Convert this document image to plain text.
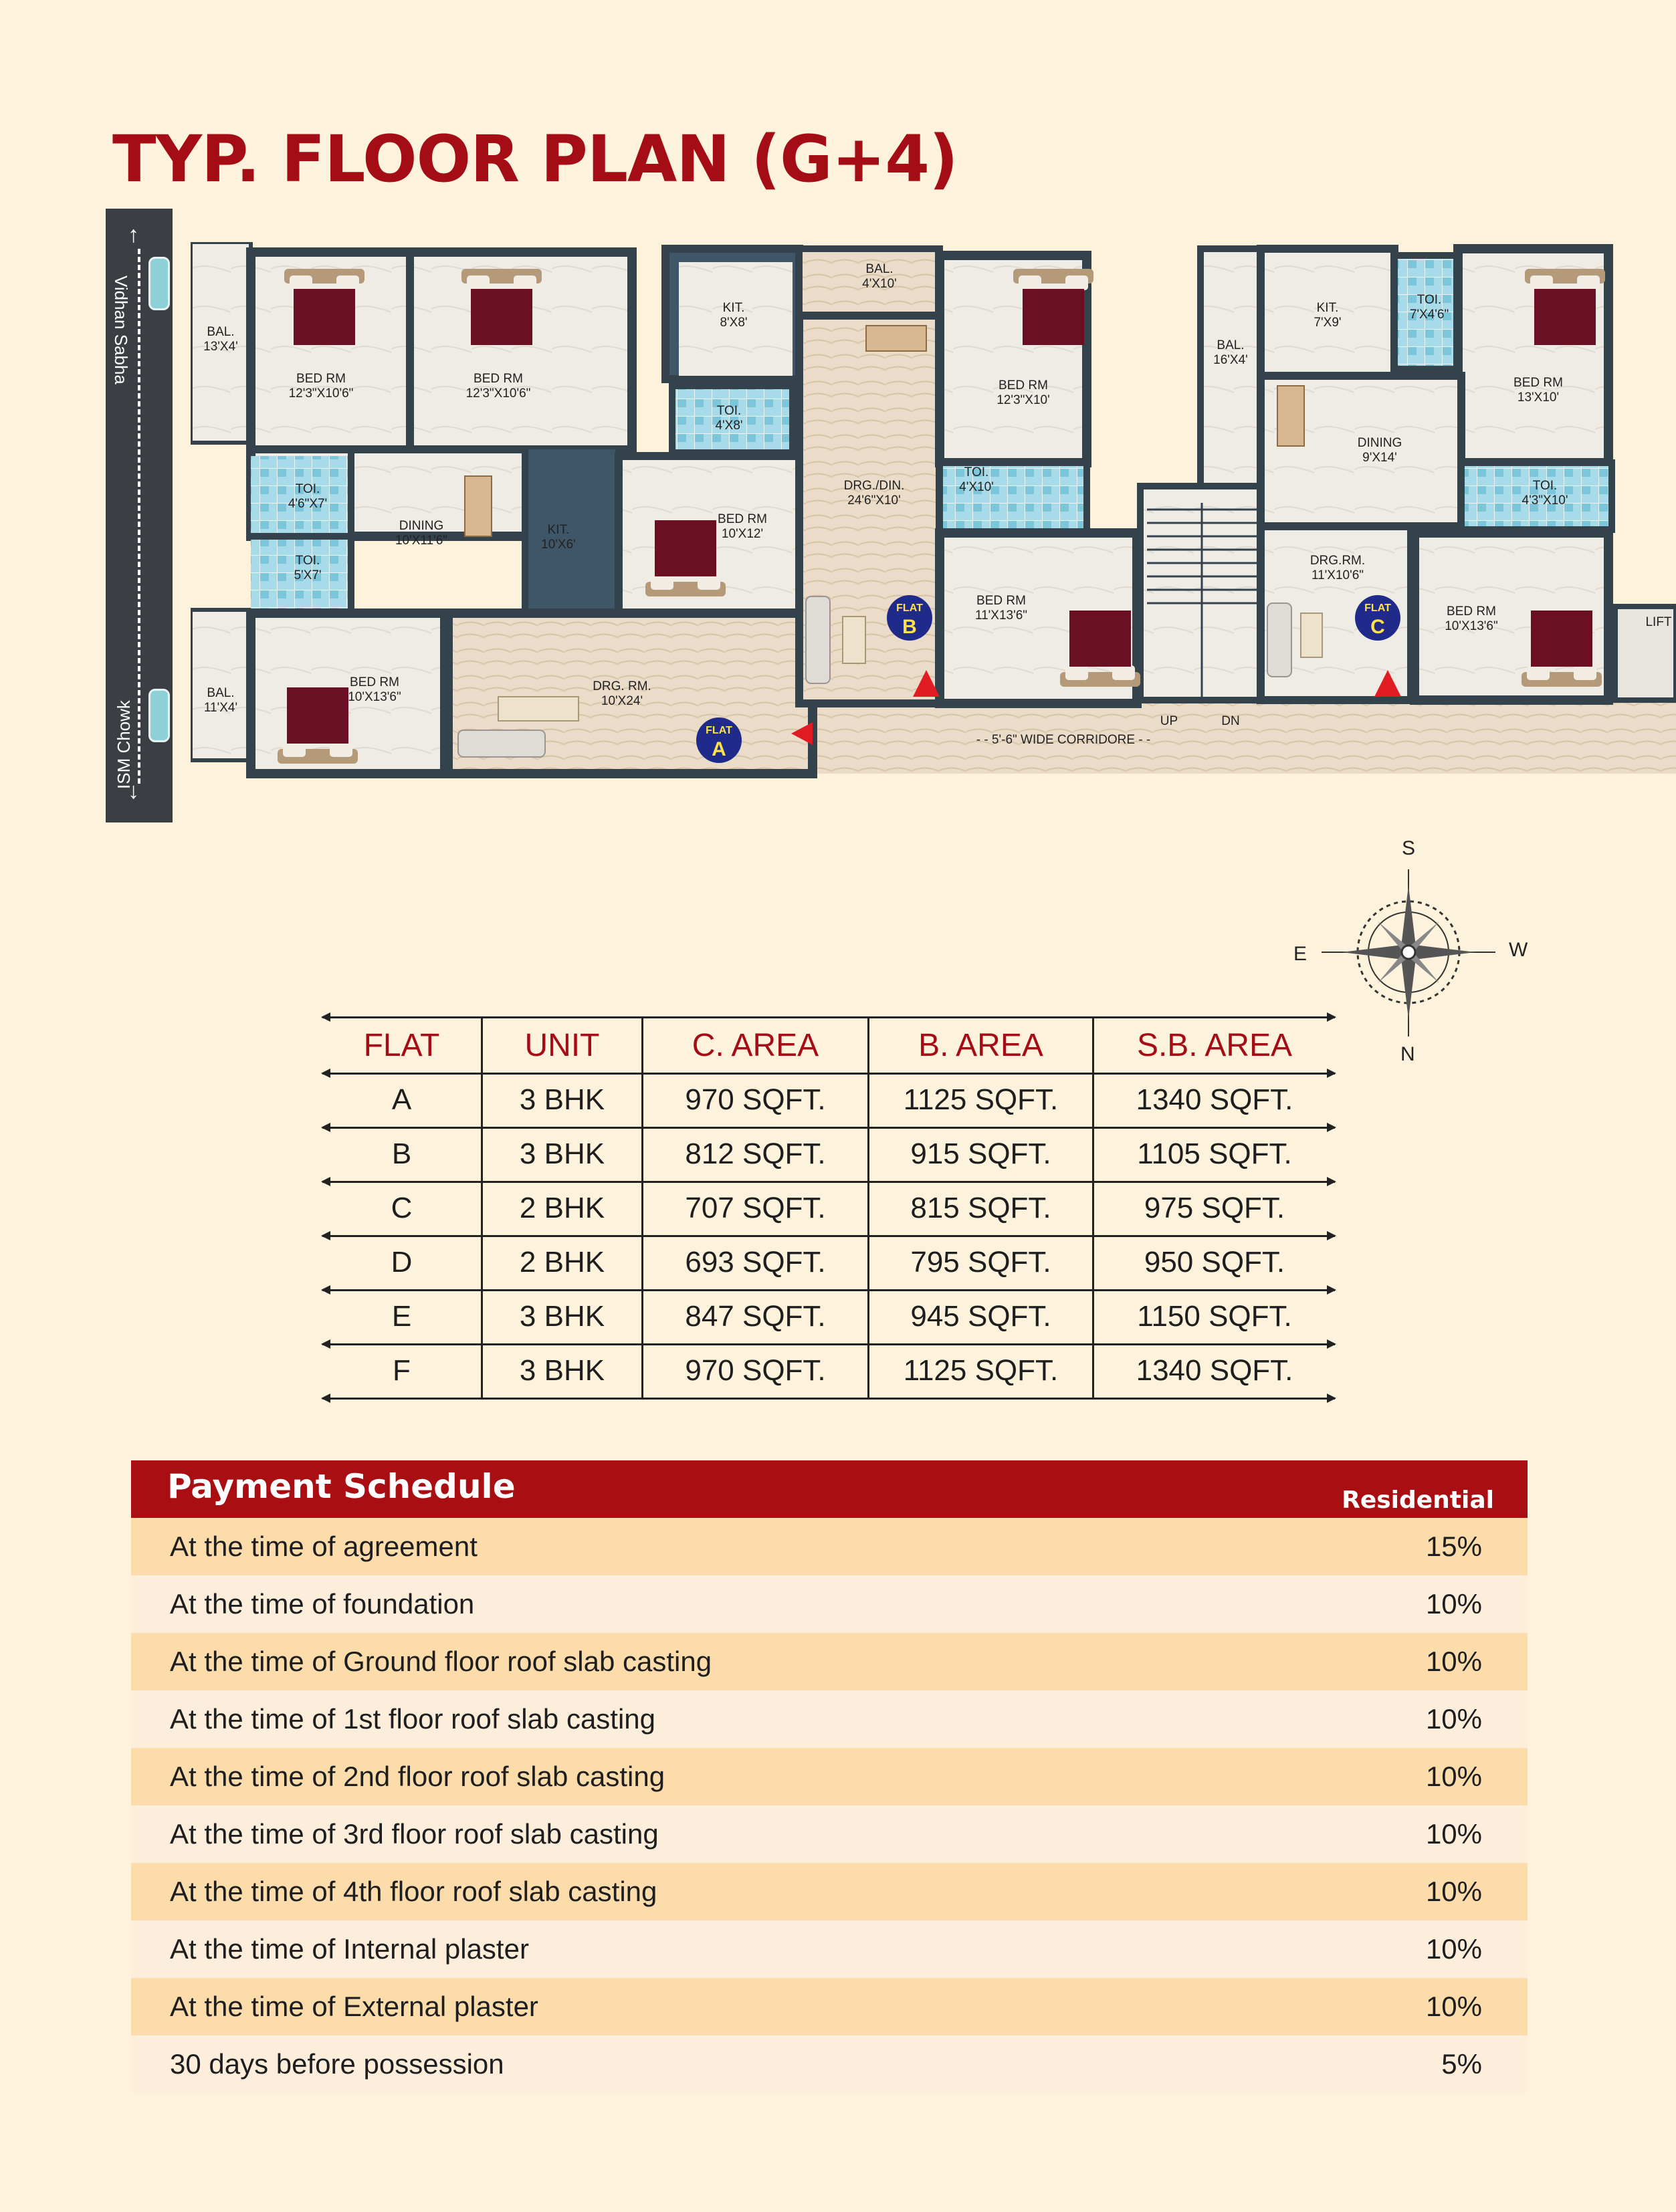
TYP. FLOOR PLAN (G+4)
↑
↓
Vidhan Sabha
ISM Chowk
BAL. 13'X4'
BED RM 12'3"X10'6"
BED RM 12'3"X10'6"
TOI. 4'6"X7'
TOI. 5'X7'
DINING 10'X11'6"
KIT. 10'X6'
BED RM 10'X12'
BAL. 11'X4'
BED RM 10'X13'6"
DRG. RM. 10'X24'
KIT. 8'X8'
TOI. 4'X8'
BAL. 4'X10'
DRG./DIN. 24'6"X10'
BED RM 12'3"X10'
TOI. 4'X10'
BED RM 11'X13'6"
BAL. 16'X4'
KIT. 7'X9'
TOI. 7'X4'6"
BED RM 13'X10'
DINING 9'X14'
TOI. 4'3"X10'
DRG.RM. 11'X10'6"
BED RM 10'X13'6"
- - 5'-6" WIDE CORRIDORE - -
UP	DN
LIFT
FLAT
A
FLAT
B
FLAT
C
S
E	W
N
FLAT	UNIT	C. AREA	B. AREA	S.B. AREA
A	3 BHK	970 SQFT.	1125 SQFT.	1340 SQFT.
B	3 BHK	812 SQFT.	915 SQFT.	1105 SQFT.
C	2 BHK	707 SQFT.	815 SQFT.	975 SQFT.
D	2 BHK	693 SQFT.	795 SQFT.	950 SQFT.
E	3 BHK	847 SQFT.	945 SQFT.	1150 SQFT.
F	3 BHK	970 SQFT.	1125 SQFT.	1340 SQFT.
Payment Schedule	Residential
At the time of agreement	15%
At the time of foundation	10%
At the time of Ground floor roof slab casting	10%
At the time of 1st floor roof slab casting	10%
At the time of 2nd floor roof slab casting	10%
At the time of 3rd floor roof slab casting	10%
At the time of 4th floor roof slab casting	10%
At the time of Internal plaster	10%
At the time of External plaster	10%
30 days before possession	5%
